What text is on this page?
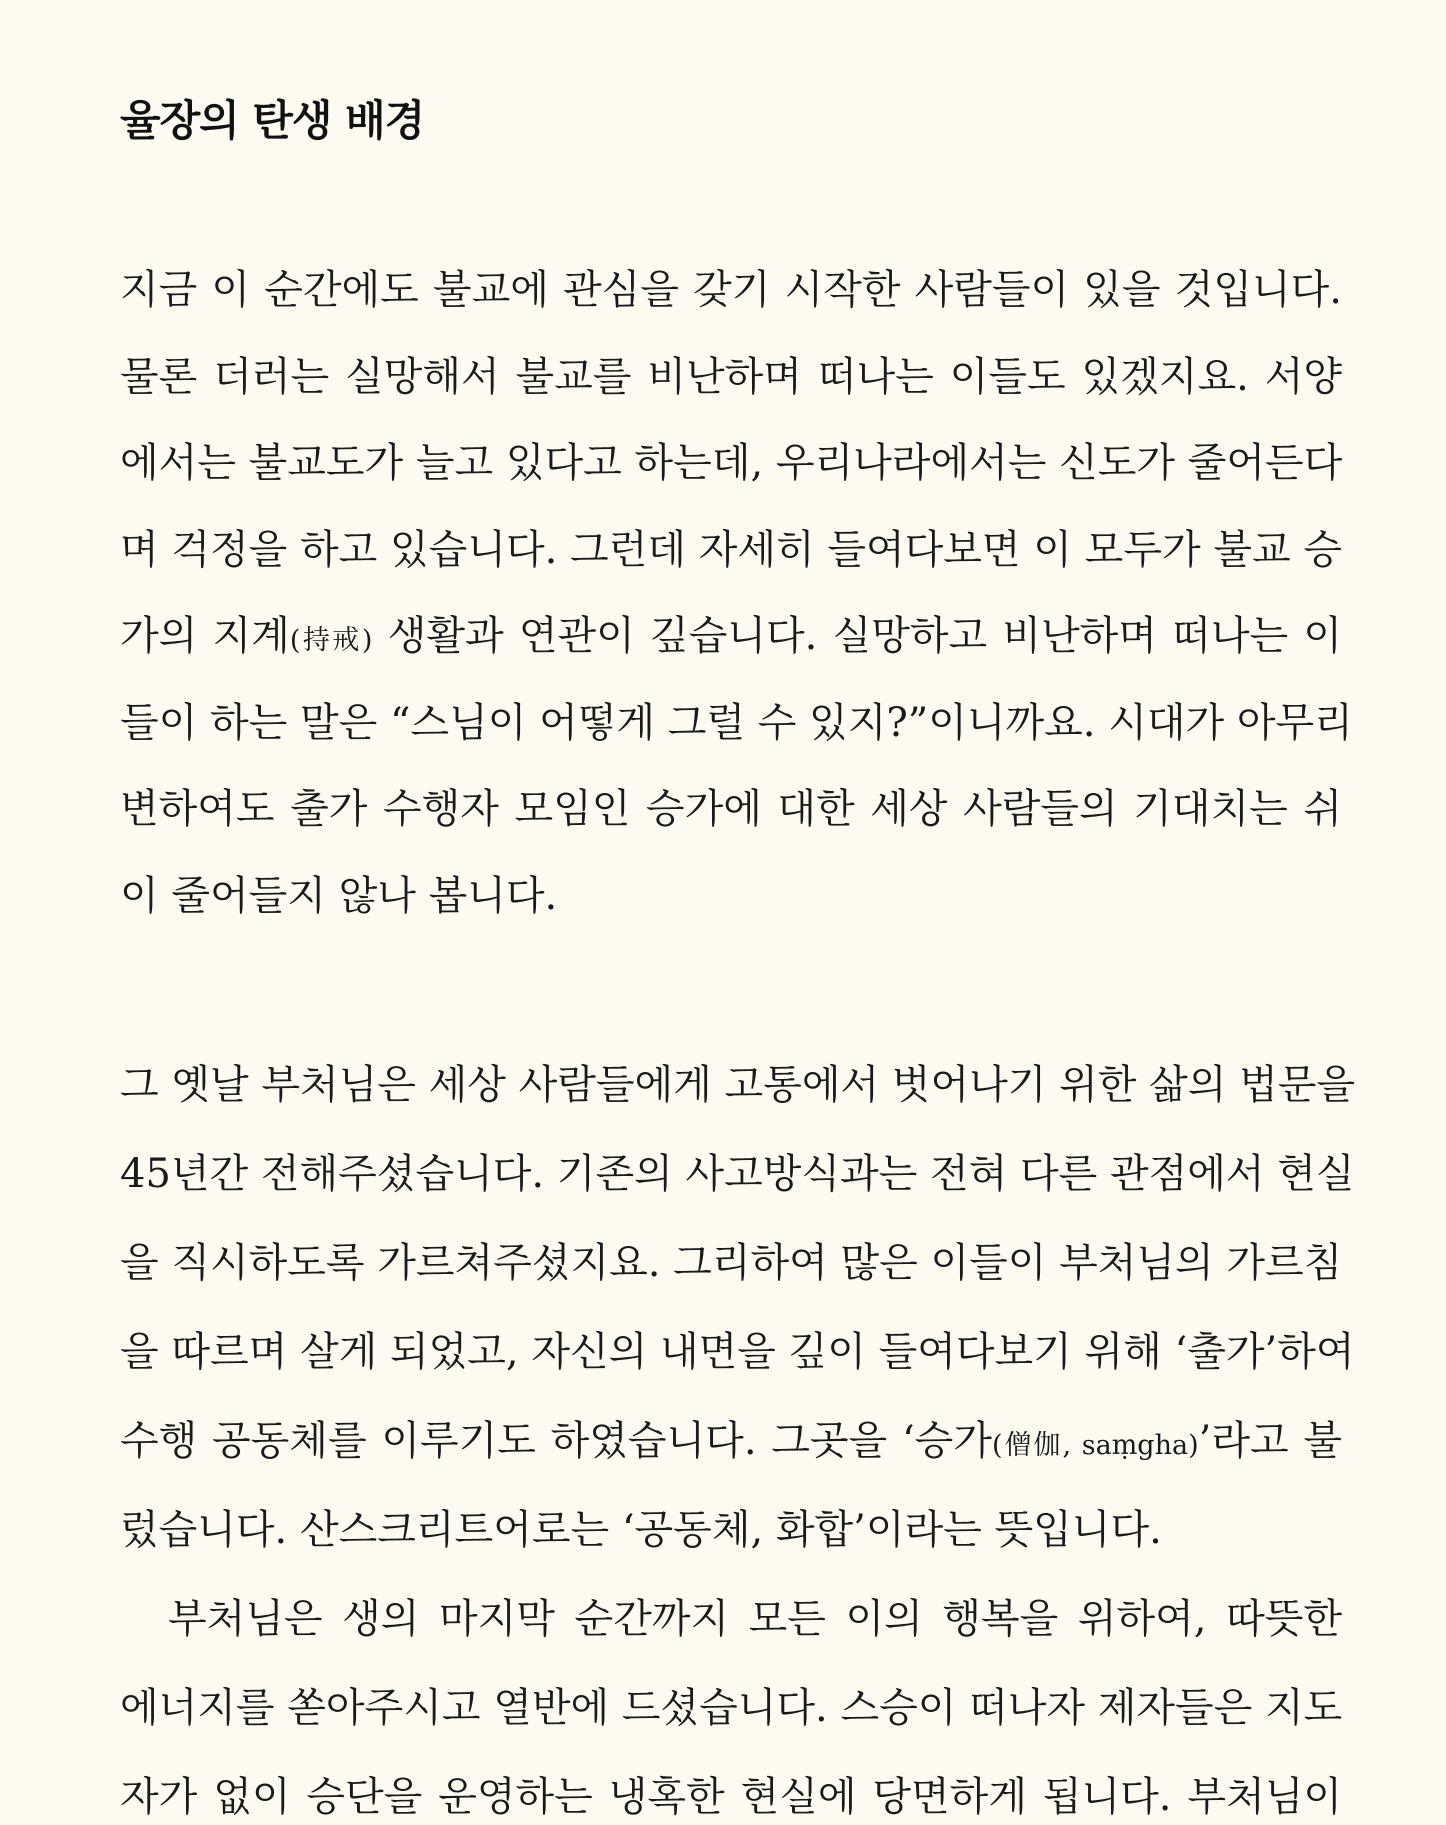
율장의 탄생 배경
지금 이 순간에도 불교에 관심을 갖기 시작한 사람들이 있을 것입니다.
물론 더러는 실망해서 불교를 비난하며 떠나는 이들도 있겠지요. 서양
에서는 불교도가 늘고 있다고 하는데, 우리나라에서는 신도가 줄어든다
며 걱정을 하고 있습니다. 그런데 자세히 들여다보면 이 모두가 불교 승
가의 지계(持戒) 생활과 연관이 깊습니다. 실망하고 비난하며 떠나는 이
들이 하는 말은 “스님이 어떻게 그럴 수 있지?”이니까요. 시대가 아무리
변하여도 출가 수행자 모임인 승가에 대한 세상 사람들의 기대치는 쉬
이 줄어들지 않나 봅니다.
그 옛날 부처님은 세상 사람들에게 고통에서 벗어나기 위한 삶의 법문을
45년간 전해주셨습니다. 기존의 사고방식과는 전혀 다른 관점에서 현실
을 직시하도록 가르쳐주셨지요. 그리하여 많은 이들이 부처님의 가르침
을 따르며 살게 되었고, 자신의 내면을 깊이 들여다보기 위해 ‘출가’하여
수행 공동체를 이루기도 하였습니다. 그곳을 ‘승가(僧伽, saṃgha)’라고 불
렀습니다. 산스크리트어로는 ‘공동체, 화합’이라는 뜻입니다.
부처님은 생의 마지막 순간까지 모든 이의 행복을 위하여, 따뜻한
에너지를 쏟아주시고 열반에 드셨습니다. 스승이 떠나자 제자들은 지도
자가 없이 승단을 운영하는 냉혹한 현실에 당면하게 됩니다. 부처님이
